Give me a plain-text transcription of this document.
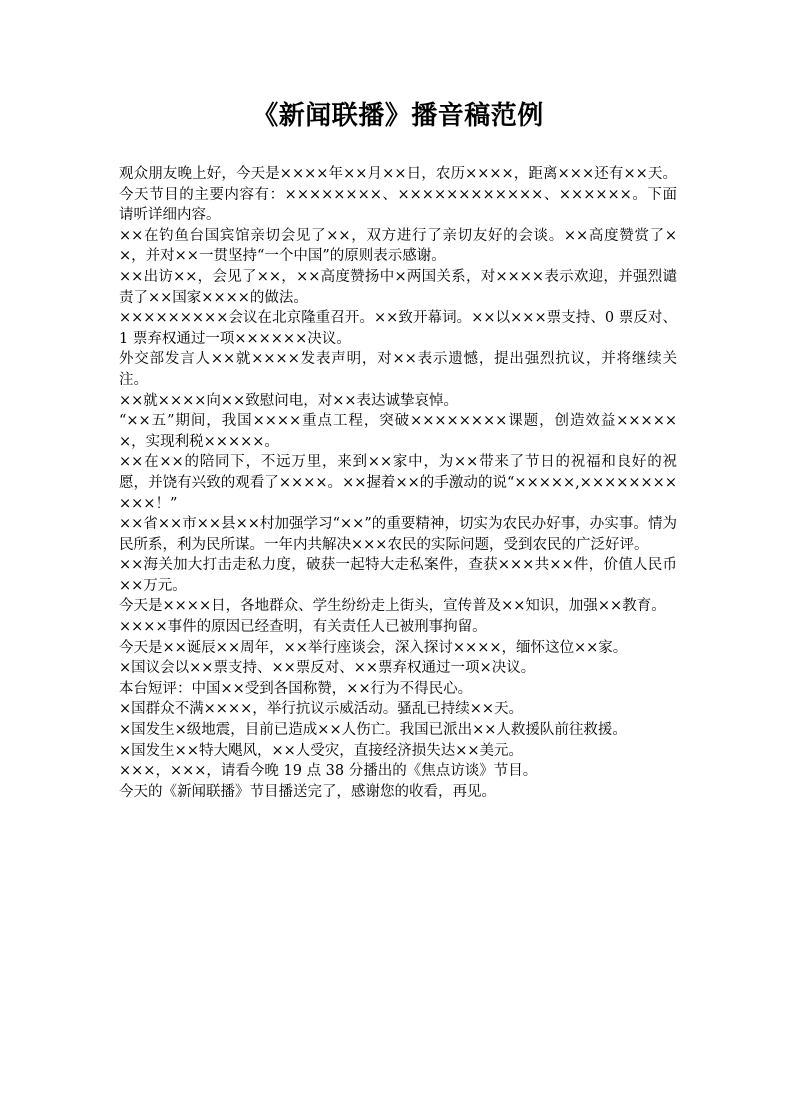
《新闻联播》播音稿范例

观众朋友晚上好，今天是××××年××月××日，农历××××，距离×××还有××天。今天节目的主要内容有：××××××××、××××××××××××、××××××。下面请听详细内容。

××在钓鱼台国宾馆亲切会见了××，双方进行了亲切友好的会谈。××高度赞赏了××，并对××一贯坚持“一个中国”的原则表示感谢。

××出访××，会见了××，××高度赞扬中×两国关系，对××××表示欢迎，并强烈谴责了××国家××××的做法。

×××××××××会议在北京隆重召开。××致开幕词。××以×××票支持、0 票反对、1 票弃权通过一项××××××决议。

外交部发言人××就××××发表声明，对××表示遗憾，提出强烈抗议，并将继续关注。

××就××××向××致慰问电，对××表达诚挚哀悼。

“××五”期间，我国××××重点工程，突破××××××××课题，创造效益××××××，实现利税×××××。

××在××的陪同下，不远万里，来到××家中，为××带来了节日的祝福和良好的祝愿，并饶有兴致的观看了××××。××握着××的手激动的说“×××××,×××××××××××！”

××省××市××县××村加强学习“××”的重要精神，切实为农民办好事，办实事。情为民所系，利为民所谋。一年内共解决×××农民的实际问题，受到农民的广泛好评。

××海关加大打击走私力度，破获一起特大走私案件，查获×××共××件，价值人民币××万元。

今天是××××日，各地群众、学生纷纷走上街头，宣传普及××知识，加强××教育。

××××事件的原因已经查明，有关责任人已被刑事拘留。

今天是××诞辰××周年，××举行座谈会，深入探讨××××，缅怀这位××家。

×国议会以××票支持、××票反对、××票弃权通过一项×决议。

本台短评：中国××受到各国称赞，××行为不得民心。

×国群众不满××××，举行抗议示威活动。骚乱已持续××天。

×国发生×级地震，目前已造成××人伤亡。我国已派出××人救援队前往救援。

×国发生××特大飓风，××人受灾，直接经济损失达××美元。

×××，×××，请看今晚 19 点 38 分播出的《焦点访谈》节目。

今天的《新闻联播》节目播送完了，感谢您的收看，再见。
